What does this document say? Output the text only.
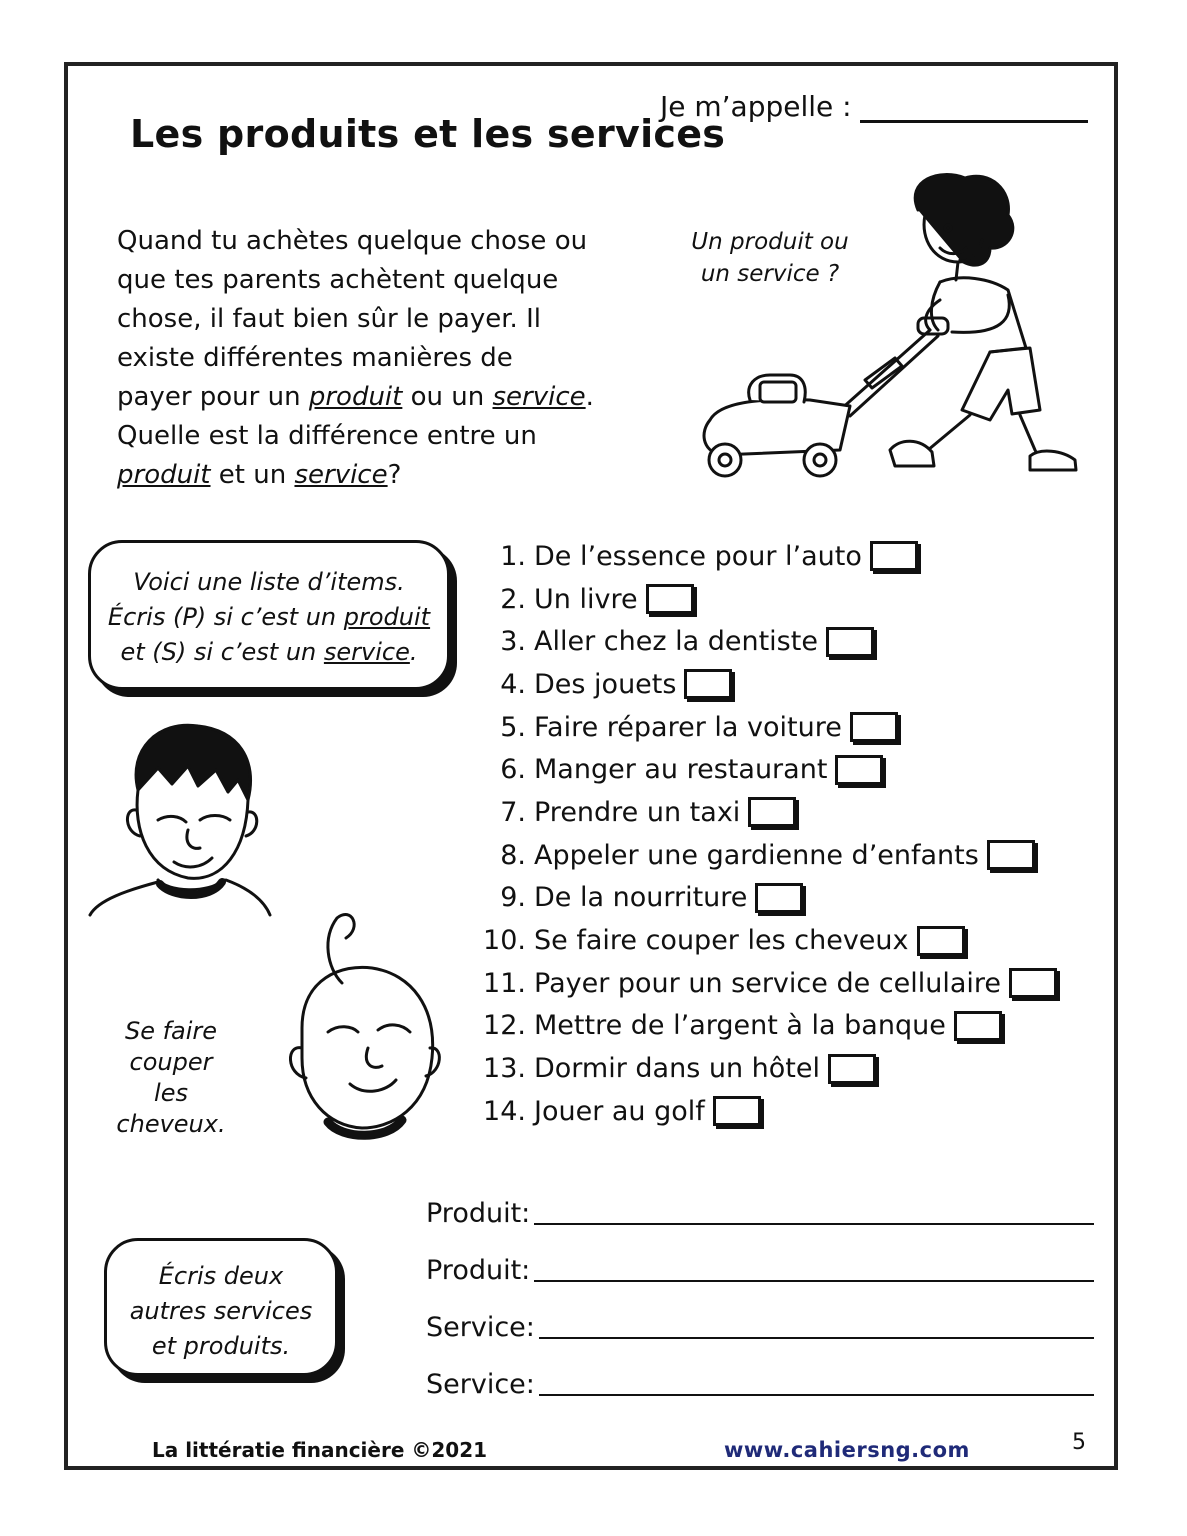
Les produits et les services
Je m’appelle :
Quand tu achètes quelque chose ou
que tes parents achètent quelque
chose, il faut bien sûr le payer. Il
existe différentes manières de
payer pour un produit ou un service.
Quelle est la différence entre un
produit et un service?
Un produit ou
un service ?
Voici une liste d’items.
Écris (P) si c’est un produit
et (S) si c’est un service.
1. De l’essence pour l’auto
2. Un livre
3. Aller chez la dentiste
4. Des jouets
5. Faire réparer la voiture
6. Manger au restaurant
7. Prendre un taxi
8. Appeler une gardienne d’enfants
9. De la nourriture
10. Se faire couper les cheveux
11. Payer pour un service de cellulaire
12. Mettre de l’argent à la banque
13. Dormir dans un hôtel
14. Jouer au golf
Se faire
couper
les
cheveux.
Écris deux
autres services
et produits.
Produit:
Produit:
Service:
Service:
La littératie financière ©2021	www.cahiersng.com	5
